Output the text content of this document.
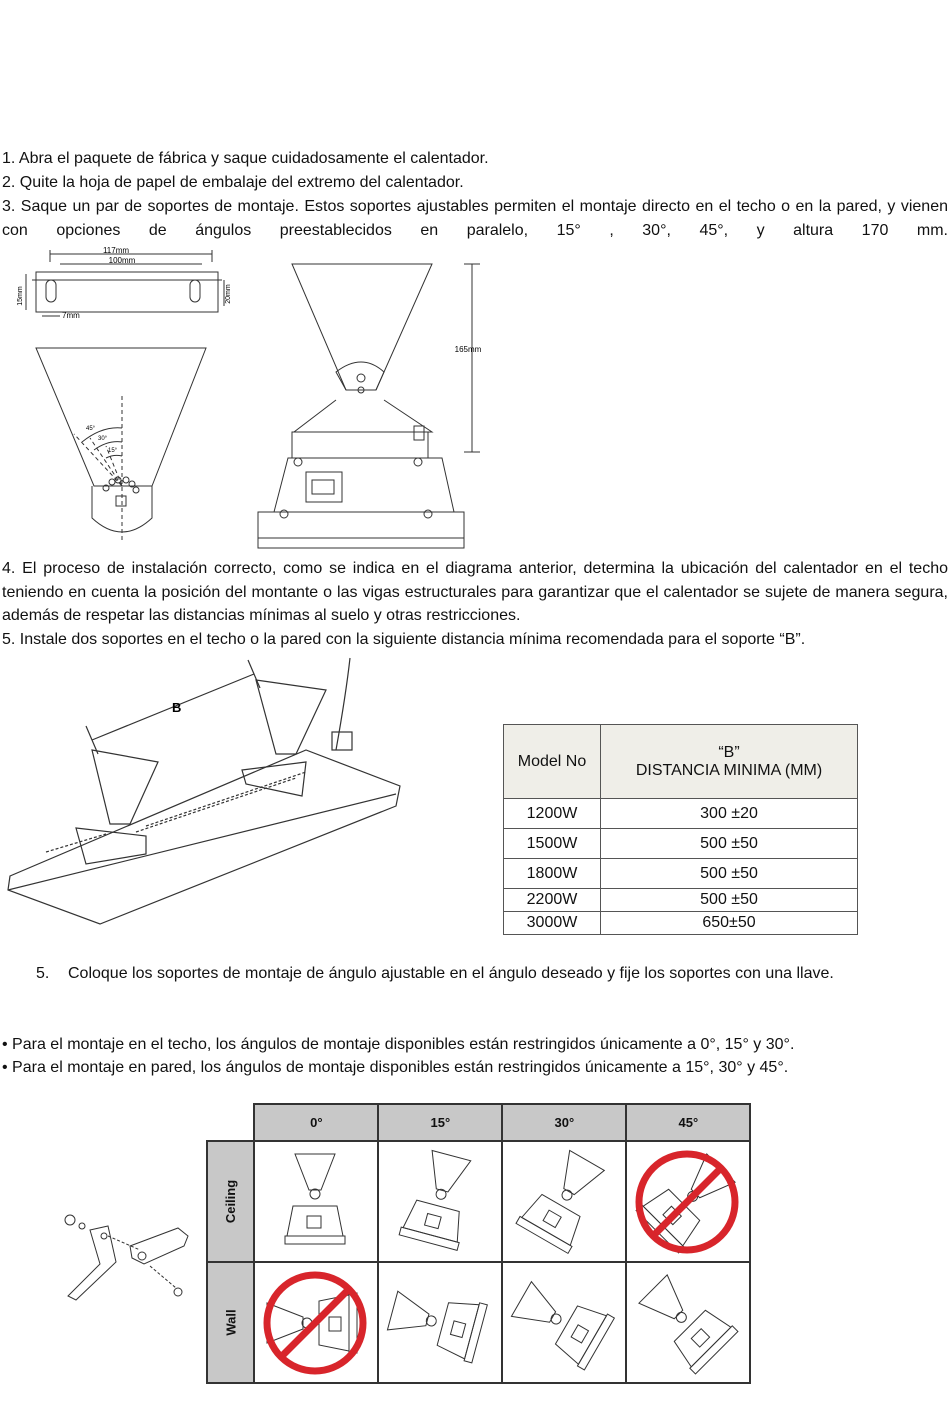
1. Abra el paquete de fábrica y saque cuidadosamente el calentador.

2. Quite la hoja de papel de embalaje del extremo del calentador.

3. Saque un par de soportes de montaje. Estos soportes ajustables permiten el montaje directo en el techo o en la pared, y vienen con opciones de ángulos preestablecidos en paralelo, 15° , 30°, 45°, y altura 170 mm.

117mm
100mm
15mm	20mm
7mm
45°
30°
15°
165mm

4. El proceso de instalación correcto, como se indica en el diagrama anterior, determina la ubicación del calentador en el techo teniendo en cuenta la posición del montante o las vigas estructurales para garantizar que el calentador se sujete de manera segura, además de respetar las distancias mínimas al suelo y otras restricciones.

5. Instale dos soportes en el techo o la pared con la siguiente distancia mínima recomendada para el soporte “B”.

B
Model No	“B”
DISTANCIA MINIMA (MM)

1200W	300 ±20
1500W	500 ±50
1800W	500 ±50
2200W	500 ±50
3000W	650±50
5. Coloque los soportes de montaje de ángulo ajustable en el ángulo deseado y fije los soportes con una llave.

• Para el montaje en el techo, los ángulos de montaje disponibles están restringidos únicamente a 0°, 15° y 30°.

• Para el montaje en pared, los ángulos de montaje disponibles están restringidos únicamente a 15°, 30° y 45°.

	0°	15°	30°	45°
Ceiling	

Wall	
